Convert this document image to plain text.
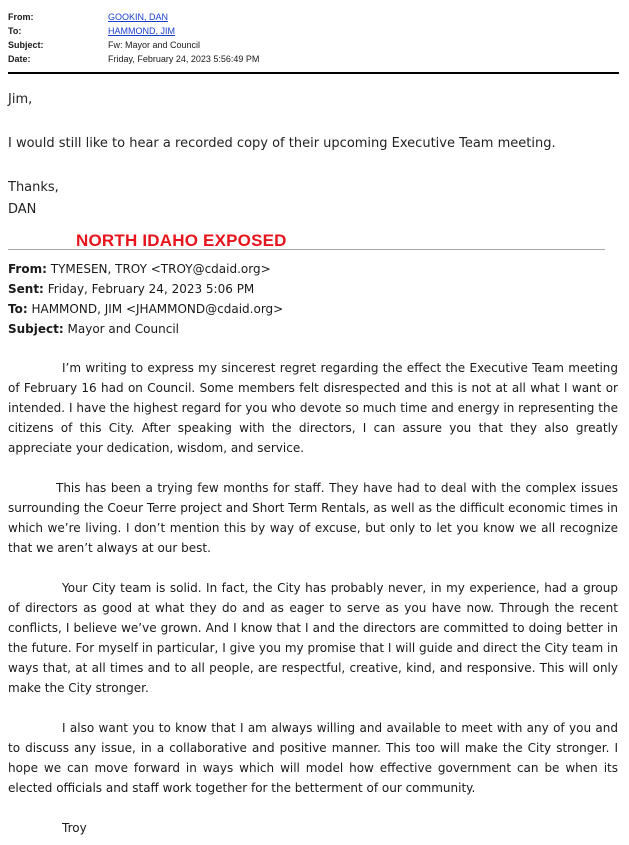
From:	GOOKIN, DAN
To:	HAMMOND, JIM
Subject:	Fw: Mayor and Council
Date:	Friday, February 24, 2023 5:56:49 PM
Jim,
I would still like to hear a recorded copy of their upcoming Executive Team meeting.
Thanks,
DAN
NORTH IDAHO EXPOSED
From: TYMESEN, TROY <TROY@cdaid.org>
Sent: Friday, February 24, 2023 5:06 PM
To: HAMMOND, JIM <JHAMMOND@cdaid.org>
Subject: Mayor and Council

I’m writing to express my sincerest regret regarding the effect the Executive Team meeting of February 16 had on Council. Some members felt disrespected and this is not at all what I want or intended. I have the highest regard for you who devote so much time and energy in representing the citizens of this City. After speaking with the directors, I can assure you that they also greatly appreciate your dedication, wisdom, and service.

This has been a trying few months for staff. They have had to deal with the complex issues surrounding the Coeur Terre project and Short Term Rentals, as well as the difficult economic times in which we’re living. I don’t mention this by way of excuse, but only to let you know we all recognize that we aren’t always at our best.

Your City team is solid. In fact, the City has probably never, in my experience, had a group of directors as good at what they do and as eager to serve as you have now. Through the recent conflicts, I believe we’ve grown. And I know that I and the directors are committed to doing better in the future. For myself in particular, I give you my promise that I will guide and direct the City team in ways that, at all times and to all people, are respectful, creative, kind, and responsive. This will only make the City stronger.

I also want you to know that I am always willing and available to meet with any of you and to discuss any issue, in a collaborative and positive manner. This too will make the City stronger. I hope we can move forward in ways which will model how effective government can be when its elected officials and staff work together for the betterment of our community.

Troy
